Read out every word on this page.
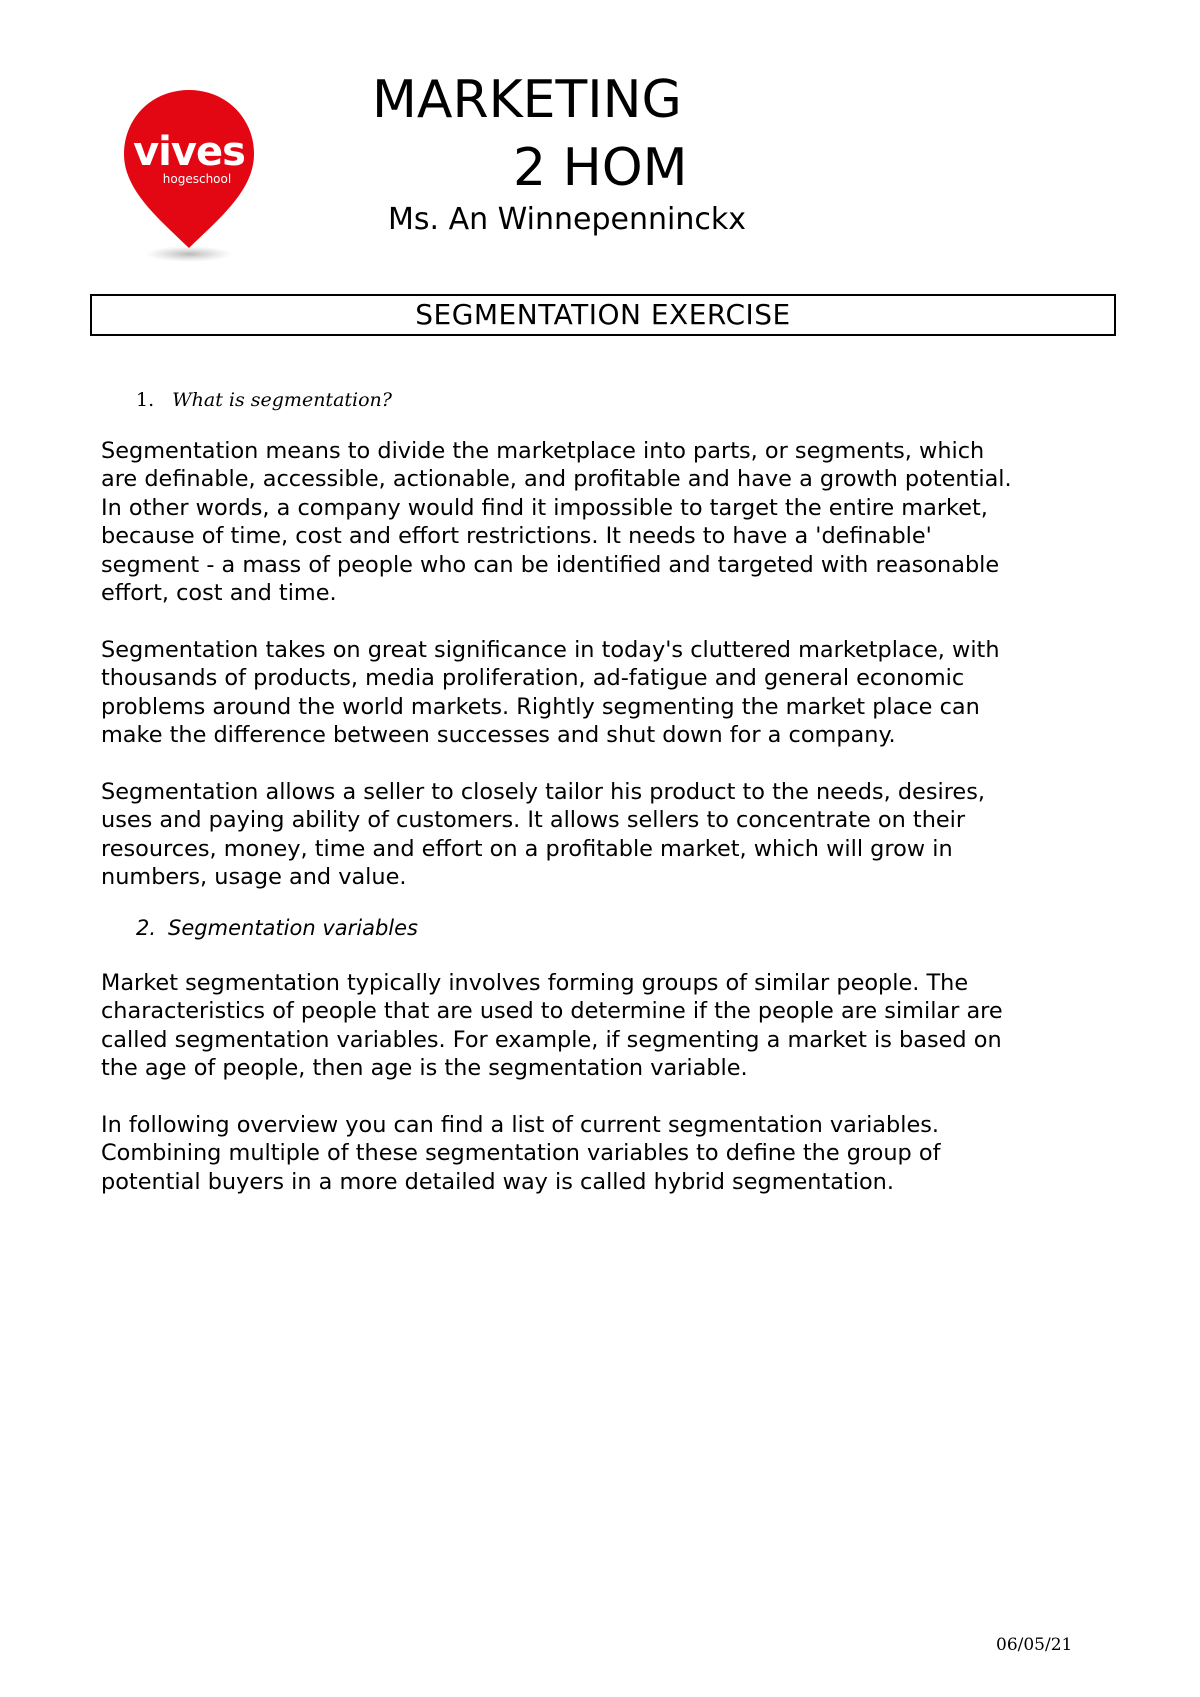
vives
hogeschool
MARKETING
2 HOM
Ms. An Winnepenninckx
SEGMENTATION EXERCISE
1. What is segmentation?

Segmentation means to divide the marketplace into parts, or segments, which
are definable, accessible, actionable, and profitable and have a growth potential.
In other words, a company would find it impossible to target the entire market,
because of time, cost and effort restrictions. It needs to have a 'definable'
segment - a mass of people who can be identified and targeted with reasonable
effort, cost and time.

Segmentation takes on great significance in today's cluttered marketplace, with
thousands of products, media proliferation, ad-fatigue and general economic
problems around the world markets. Rightly segmenting the market place can
make the difference between successes and shut down for a company.

Segmentation allows a seller to closely tailor his product to the needs, desires,
uses and paying ability of customers. It allows sellers to concentrate on their
resources, money, time and effort on a profitable market, which will grow in
numbers, usage and value.

2. Segmentation variables

Market segmentation typically involves forming groups of similar people. The
characteristics of people that are used to determine if the people are similar are
called segmentation variables. For example, if segmenting a market is based on
the age of people, then age is the segmentation variable.

In following overview you can find a list of current segmentation variables.
Combining multiple of these segmentation variables to define the group of
potential buyers in a more detailed way is called hybrid segmentation.

06/05/21
